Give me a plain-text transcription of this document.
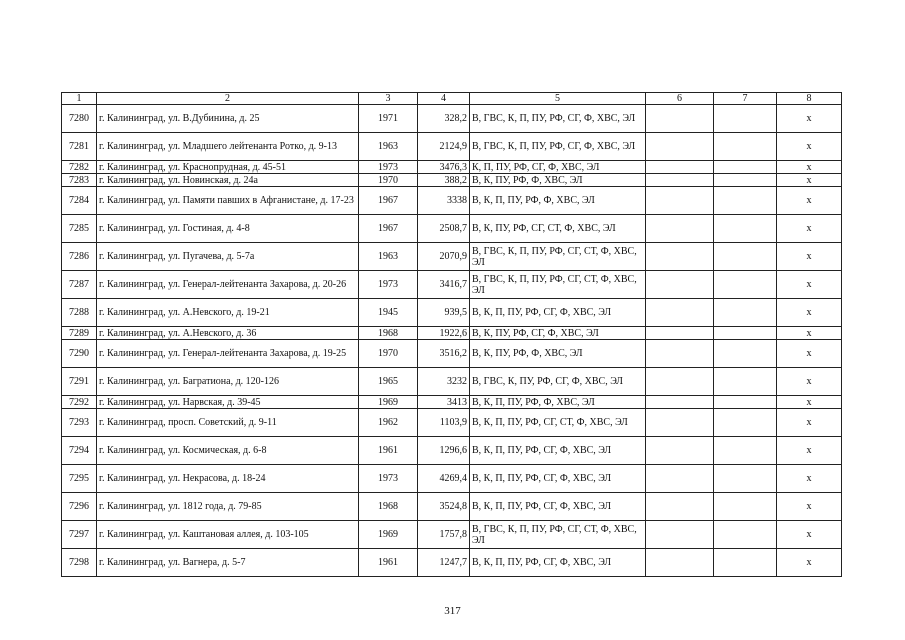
1	2	3	4	5	6	7	8
7280	г. Калининград, ул. В.Дубинина, д. 25	1971	328,2	В, ГВС, К, П, ПУ, РФ, СГ, Ф, ХВС, ЭЛ			x
7281	г. Калининград, ул. Младшего лейтенанта Ротко, д. 9-13	1963	2124,9	В, ГВС, К, П, ПУ, РФ, СГ, Ф, ХВС, ЭЛ			x
7282	г. Калининград, ул. Краснопрудная, д. 45-51	1973	3476,3	К, П, ПУ, РФ, СГ, Ф, ХВС, ЭЛ			x
7283	г. Калининград, ул. Новинская, д. 24а	1970	388,2	В, К, ПУ, РФ, Ф, ХВС, ЭЛ			x
7284	г. Калининград, ул. Памяти павших в Афганистане, д. 17-23	1967	3338	В, К, П, ПУ, РФ, Ф, ХВС, ЭЛ			x
7285	г. Калининград, ул. Гостиная, д. 4-8	1967	2508,7	В, К, ПУ, РФ, СГ, СТ, Ф, ХВС, ЭЛ			x
7286	г. Калининград, ул. Пугачева, д. 5-7а	1963	2070,9	В, ГВС, К, П, ПУ, РФ, СГ, СТ, Ф, ХВС, ЭЛ			x
7287	г. Калининград, ул. Генерал-лейтенанта Захарова, д. 20-26	1973	3416,7	В, ГВС, К, П, ПУ, РФ, СГ, СТ, Ф, ХВС, ЭЛ			x
7288	г. Калининград, ул. А.Невского, д. 19-21	1945	939,5	В, К, П, ПУ, РФ, СГ, Ф, ХВС, ЭЛ			x
7289	г. Калининград, ул. А.Невского, д. 36	1968	1922,6	В, К, ПУ, РФ, СГ, Ф, ХВС, ЭЛ			x
7290	г. Калининград, ул. Генерал-лейтенанта Захарова, д. 19-25	1970	3516,2	В, К, ПУ, РФ, Ф, ХВС, ЭЛ			x
7291	г. Калининград, ул. Багратиона, д. 120-126	1965	3232	В, ГВС, К, ПУ, РФ, СГ, Ф, ХВС, ЭЛ			x
7292	г. Калининград, ул. Нарвская, д. 39-45	1969	3413	В, К, П, ПУ, РФ, Ф, ХВС, ЭЛ			x
7293	г. Калининград, просп. Советский, д. 9-11	1962	1103,9	В, К, П, ПУ, РФ, СГ, СТ, Ф, ХВС, ЭЛ			x
7294	г. Калининград, ул. Космическая, д. 6-8	1961	1296,6	В, К, П, ПУ, РФ, СГ, Ф, ХВС, ЭЛ			x
7295	г. Калининград, ул. Некрасова, д. 18-24	1973	4269,4	В, К, П, ПУ, РФ, СГ, Ф, ХВС, ЭЛ			x
7296	г. Калининград, ул. 1812 года, д. 79-85	1968	3524,8	В, К, П, ПУ, РФ, СГ, Ф, ХВС, ЭЛ			x
7297	г. Калининград, ул. Каштановая аллея, д. 103-105	1969	1757,8	В, ГВС, К, П, ПУ, РФ, СГ, СТ, Ф, ХВС, ЭЛ			x
7298	г. Калининград, ул. Вагнера, д. 5-7	1961	1247,7	В, К, П, ПУ, РФ, СГ, Ф, ХВС, ЭЛ			x
317
